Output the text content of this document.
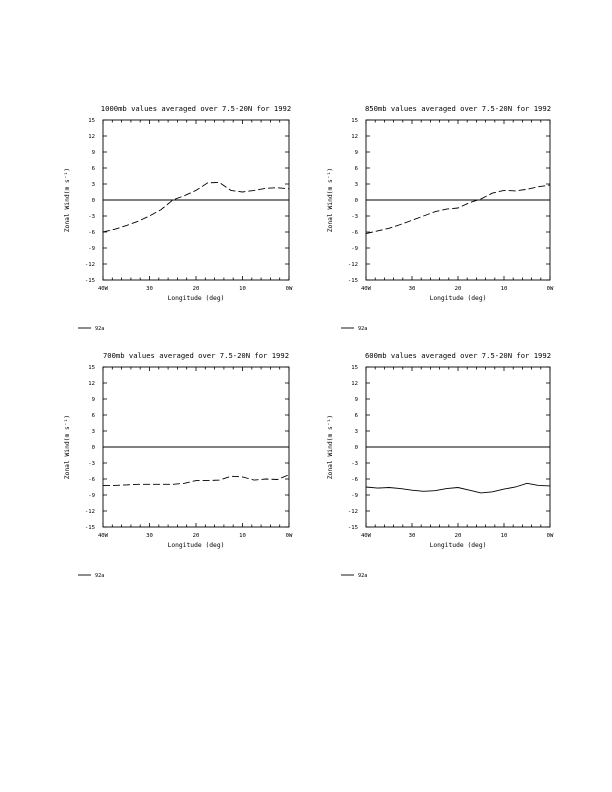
1000mb values averaged over 7.5-20N for 1992
-15
-12
-9
-6
-3
0
3
6
9
12
15
40W	30	20	10	0W
Longitude (deg)
Zonal Wind(m s⁻¹)
92a
850mb values averaged over 7.5-20N for 1992
-15
-12
-9
-6
-3
0
3
6
9
12
15
40W	30	20	10	0W
Longitude (deg)
Zonal Wind(m s⁻¹)
92a
700mb values averaged over 7.5-20N for 1992
-15
-12
-9
-6
-3
0
3
6
9
12
15
40W	30	20	10	0W
Longitude (deg)
Zonal Wind(m s⁻¹)
92a
600mb values averaged over 7.5-20N for 1992
-15
-12
-9
-6
-3
0
3
6
9
12
15
40W	30	20	10	0W
Longitude (deg)
Zonal Wind(m s⁻¹)
92a
